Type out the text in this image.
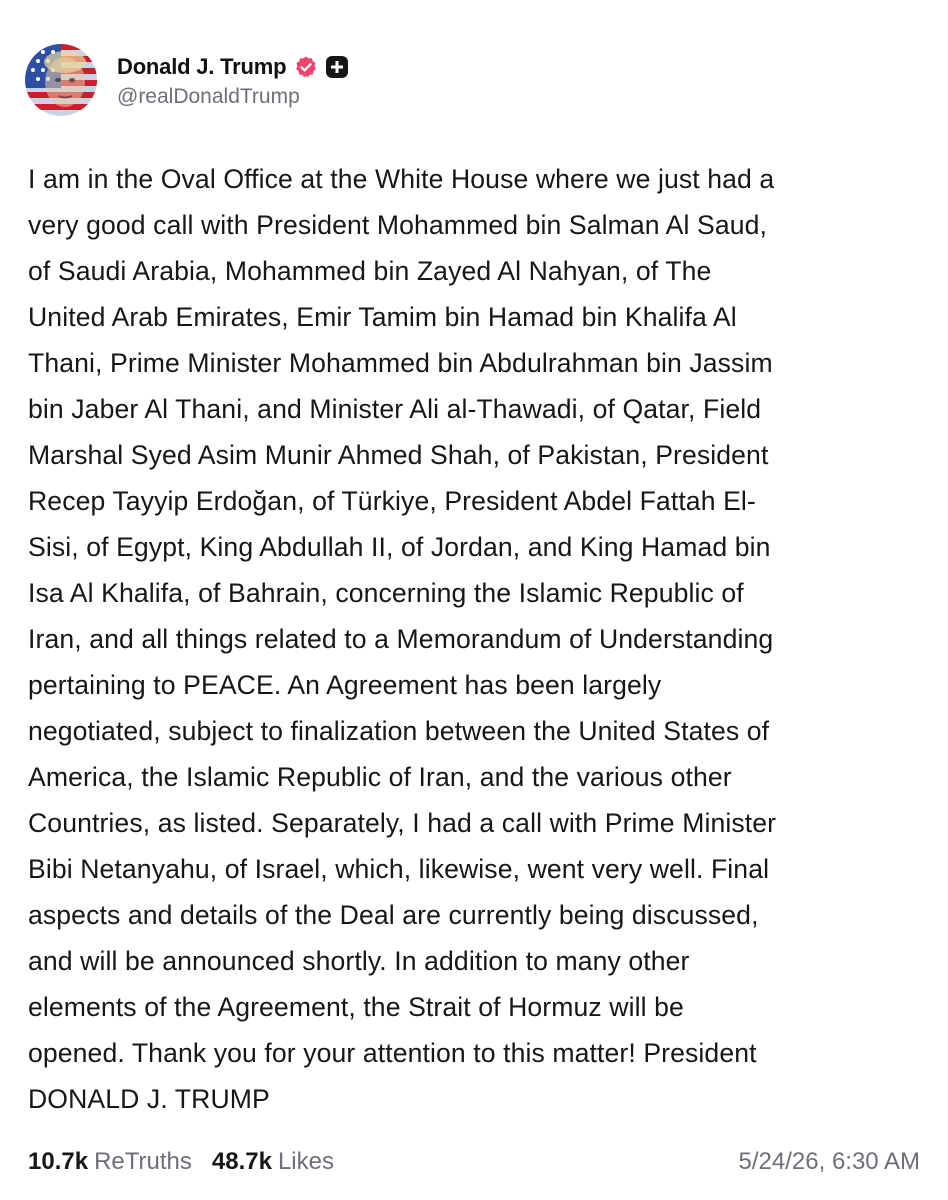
Donald J. Trump
@realDonaldTrump
I am in the Oval Office at the White House where we just had a
very good call with President Mohammed bin Salman Al Saud,
of Saudi Arabia, Mohammed bin Zayed Al Nahyan, of The
United Arab Emirates, Emir Tamim bin Hamad bin Khalifa Al
Thani, Prime Minister Mohammed bin Abdulrahman bin Jassim
bin Jaber Al Thani, and Minister Ali al-Thawadi, of Qatar, Field
Marshal Syed Asim Munir Ahmed Shah, of Pakistan, President
Recep Tayyip Erdoğan, of Türkiye, President Abdel Fattah El-
Sisi, of Egypt, King Abdullah II, of Jordan, and King Hamad bin
Isa Al Khalifa, of Bahrain, concerning the Islamic Republic of
Iran, and all things related to a Memorandum of Understanding
pertaining to PEACE. An Agreement has been largely
negotiated, subject to finalization between the United States of
America, the Islamic Republic of Iran, and the various other
Countries, as listed. Separately, I had a call with Prime Minister
Bibi Netanyahu, of Israel, which, likewise, went very well. Final
aspects and details of the Deal are currently being discussed,
and will be announced shortly. In addition to many other
elements of the Agreement, the Strait of Hormuz will be
opened. Thank you for your attention to this matter! President
DONALD J. TRUMP
10.7k ReTruths 48.7k Likes	5/24/26, 6:30 AM
